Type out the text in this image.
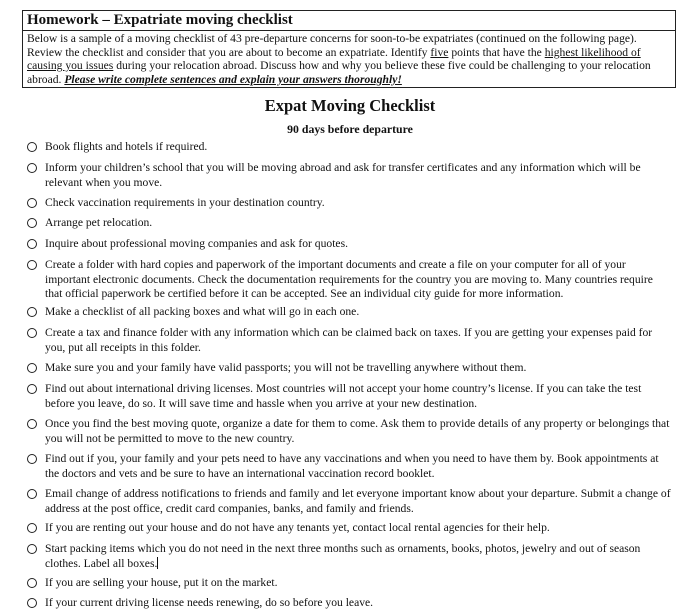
Homework – Expatriate moving checklist
Below is a sample of a moving checklist of 43 pre-departure concerns for soon-to-be expatriates (continued on the following page). Review the checklist and consider that you are about to become an expatriate. Identify five points that have the highest likelihood of causing you issues during your relocation abroad. Discuss how and why you believe these five could be challenging to your relocation abroad. Please write complete sentences and explain your answers thoroughly!
Expat Moving Checklist
90 days before departure
Book flights and hotels if required.
Inform your children’s school that you will be moving abroad and ask for transfer certificates and any information which will be relevant when you move.
Check vaccination requirements in your destination country.
Arrange pet relocation.
Inquire about professional moving companies and ask for quotes.
Create a folder with hard copies and paperwork of the important documents and create a file on your computer for all of your important electronic documents. Check the documentation requirements for the country you are moving to. Many countries require that official paperwork be certified before it can be accepted. See an individual city guide for more information.
Make a checklist of all packing boxes and what will go in each one.
Create a tax and finance folder with any information which can be claimed back on taxes. If you are getting your expenses paid for you, put all receipts in this folder.
Make sure you and your family have valid passports; you will not be travelling anywhere without them.
Find out about international driving licenses. Most countries will not accept your home country’s license. If you can take the test before you leave, do so. It will save time and hassle when you arrive at your new destination.
Once you find the best moving quote, organize a date for them to come. Ask them to provide details of any property or belongings that you will not be permitted to move to the new country.
Find out if you, your family and your pets need to have any vaccinations and when you need to have them by. Book appointments at the doctors and vets and be sure to have an international vaccination record booklet.
Email change of address notifications to friends and family and let everyone important know about your departure. Submit a change of address at the post office, credit card companies, banks, and family and friends.
If you are renting out your house and do not have any tenants yet, contact local rental agencies for their help.
Start packing items which you do not need in the next three months such as ornaments, books, photos, jewelry and out of season clothes. Label all boxes.
If you are selling your house, put it on the market.
If your current driving license needs renewing, do so before you leave.
